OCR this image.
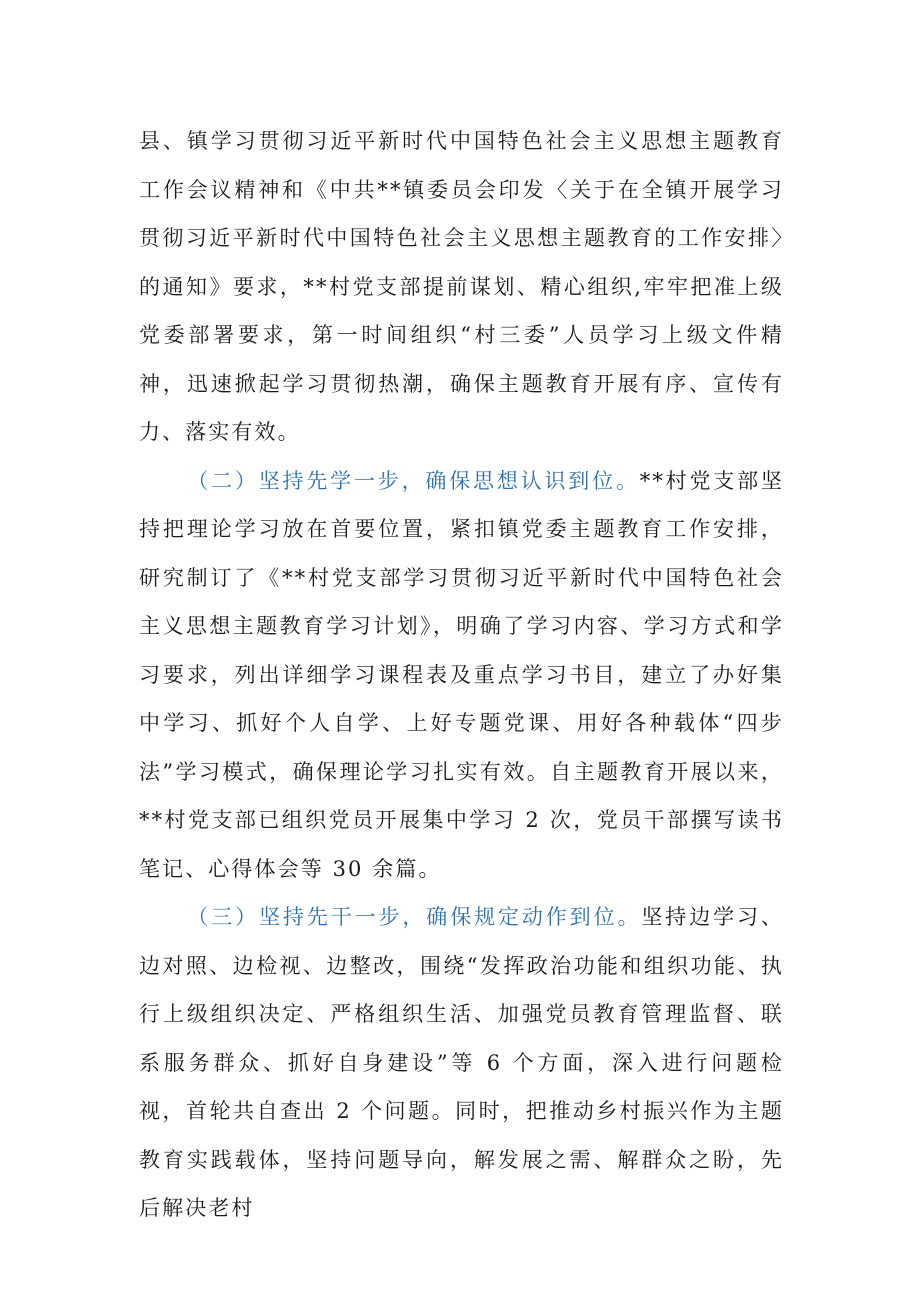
县、镇学习贯彻习近平新时代中国特色社会主义思想主题教育工作会议精神和《中共**镇委员会印发〈关于在全镇开展学习贯彻习近平新时代中国特色社会主义思想主题教育的工作安排〉的通知》要求，**村党支部提前谋划、精心组织,牢牢把准上级党委部署要求，第一时间组织“村三委”人员学习上级文件精神，迅速掀起学习贯彻热潮，确保主题教育开展有序、宣传有力、落实有效。

（二）坚持先学一步，确保思想认识到位。**村党支部坚持把理论学习放在首要位置，紧扣镇党委主题教育工作安排，研究制订了《**村党支部学习贯彻习近平新时代中国特色社会主义思想主题教育学习计划》，明确了学习内容、学习方式和学习要求，列出详细学习课程表及重点学习书目，建立了办好集中学习、抓好个人自学、上好专题党课、用好各种载体“四步法”学习模式，确保理论学习扎实有效。自主题教育开展以来，**村党支部已组织党员开展集中学习 2 次，党员干部撰写读书笔记、心得体会等 30 余篇。

（三）坚持先干一步，确保规定动作到位。坚持边学习、边对照、边检视、边整改，围绕“发挥政治功能和组织功能、执行上级组织决定、严格组织生活、加强党员教育管理监督、联系服务群众、抓好自身建设”等 6 个方面，深入进行问题检视，首轮共自查出 2 个问题。同时，把推动乡村振兴作为主题教育实践载体，坚持问题导向，解发展之需、解群众之盼，先后解决老村
